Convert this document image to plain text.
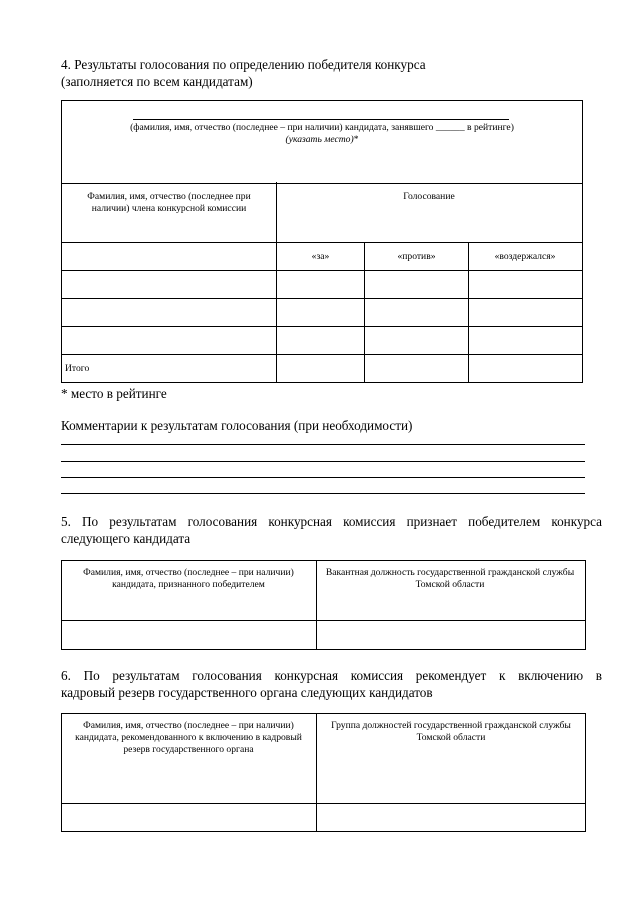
4. Результаты голосования по определению победителя конкурса
(заполняется по всем кандидатам)
(фамилия, имя, отчество (последнее – при наличии) кандидата, занявшего ______ в рейтинге)
(указать место)*
Фамилия, имя, отчество (последнее при наличии) члена конкурсной комиссии
Голосование
«за»	«против»	«воздержался»
Итого
* место в рейтинге
Комментарии к результатам голосования (при необходимости)
5. По результатам голосования конкурсная комиссия признает победителем конкурса
следующего кандидата
Фамилия, имя, отчество (последнее – при наличии) кандидата, признанного победителем
Вакантная должность государственной гражданской службы Томской области
6. По результатам голосования конкурсная комиссия рекомендует к включению в
кадровый резерв государственного органа следующих кандидатов
Фамилия, имя, отчество (последнее – при наличии) кандидата, рекомендованного к включению в кадровый резерв государственного органа
Группа должностей государственной гражданской службы Томской области
